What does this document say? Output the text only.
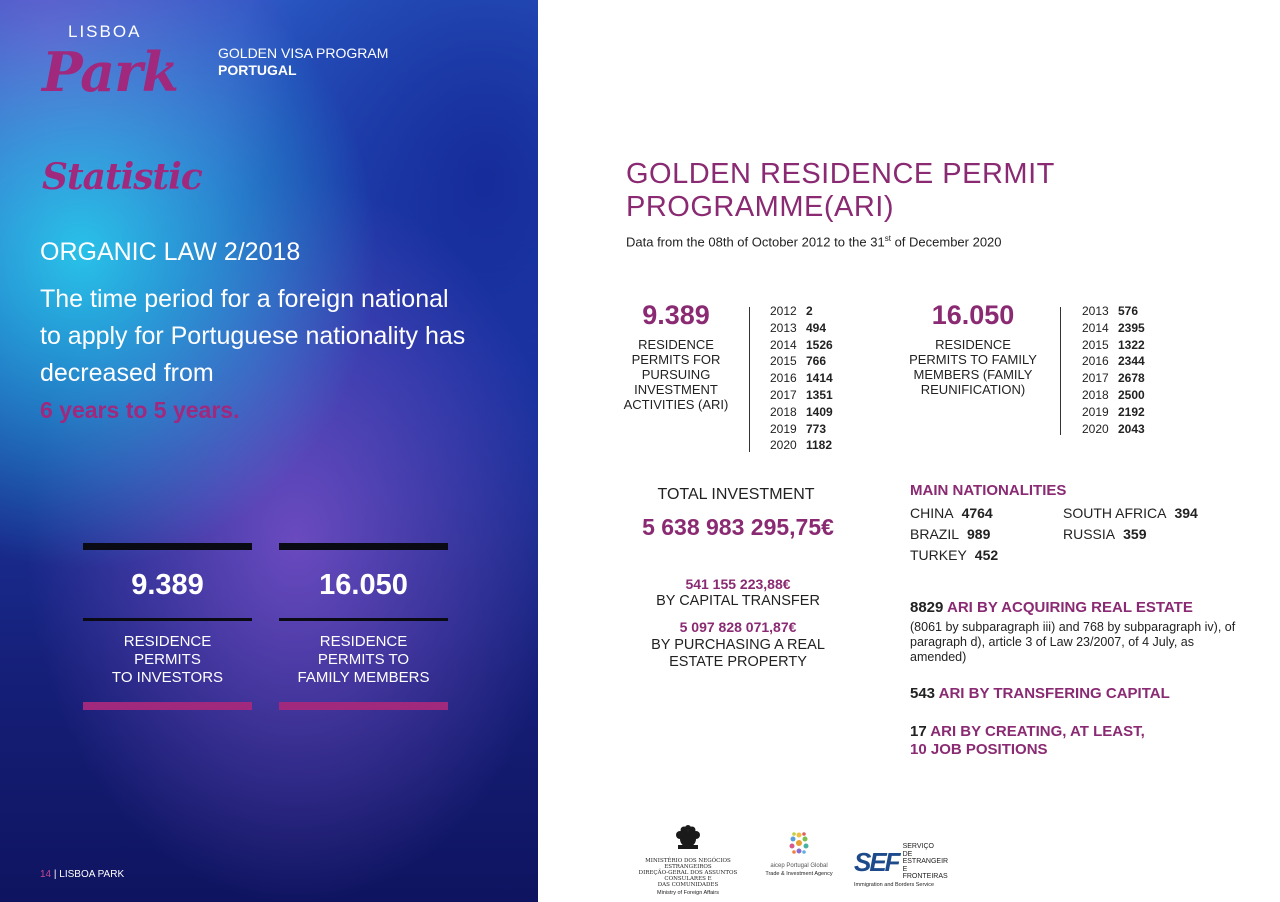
LISBOA
Park	GOLDEN VISA PROGRAM
PORTUGAL
Statistic
ORGANIC LAW 2/2018
The time period for a foreign national to apply for Portuguese nationality has decreased from
6 years to 5 years.
9.389
RESIDENCE
PERMITS
TO INVESTORS
16.050
RESIDENCE
PERMITS TO
FAMILY MEMBERS
14 | LISBOA PARK
GOLDEN RESIDENCE PERMIT
PROGRAMME(ARI)
Data from the 08th of October 2012 to the 31st of December 2020
9.389
RESIDENCE
PERMITS FOR
PURSUING
INVESTMENT
ACTIVITIES (ARI)
2012 2
2013 494
2014 1526
2015 766
2016 1414
2017 1351
2018 1409
2019 773
2020 1182
16.050
RESIDENCE
PERMITS TO FAMILY
MEMBERS (FAMILY
REUNIFICATION)
2013 576
2014 2395
2015 1322
2016 2344
2017 2678
2018 2500
2019 2192
2020 2043
TOTAL INVESTMENT
5 638 983 295,75€
541 155 223,88€
BY CAPITAL TRANSFER
5 097 828 071,87€
BY PURCHASING A REAL
ESTATE PROPERTY
MAIN NATIONALITIES
CHINA 4764	SOUTH AFRICA 394
BRAZIL 989	RUSSIA 359
TURKEY 452
8829 ARI BY ACQUIRING REAL ESTATE
(8061 by subparagraph iii) and 768 by subparagraph iv), of paragraph d), article 3 of Law 23/2007, of 4 July, as amended)
543 ARI BY TRANSFERING CAPITAL
17 ARI BY CREATING, AT LEAST,
10 JOB POSITIONS
MINISTÉRIO DOS NEGÓCIOS ESTRANGEIROS
DIREÇÃO-GERAL DOS ASSUNTOS CONSULARES E
DAS COMUNIDADES
Ministry of Foreign Affairs
aicep Portugal Global
Trade & Investment Agency SEF
SERVIÇO
DE ESTRANGEIR
E FRONTEIRAS
Immigration and Borders Service
